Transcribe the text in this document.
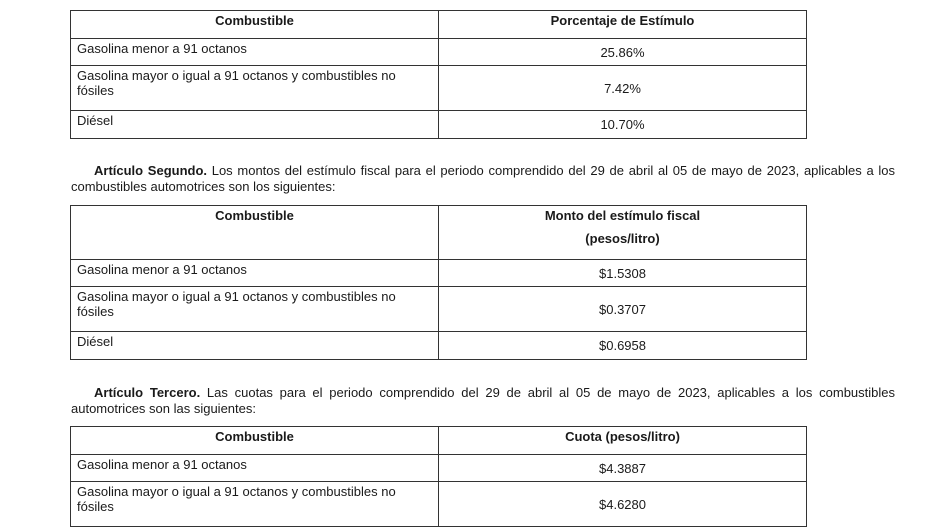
Combustible	Porcentaje de Estímulo
Gasolina menor a 91 octanos	25.86%
Gasolina mayor o igual a 91 octanos y combustibles no fósiles	7.42%
Diésel	10.70%
Artículo Segundo. Los montos del estímulo fiscal para el periodo comprendido del 29 de abril al 05 de mayo de 2023, aplicables a los combustibles automotrices son los siguientes:
Combustible	Monto del estímulo fiscal
(pesos/litro)

Gasolina menor a 91 octanos	$1.5308
Gasolina mayor o igual a 91 octanos y combustibles no fósiles	$0.3707
Diésel	$0.6958
Artículo Tercero. Las cuotas para el periodo comprendido del 29 de abril al 05 de mayo de 2023, aplicables a los combustibles automotrices son las siguientes:
Combustible	Cuota (pesos/litro)
Gasolina menor a 91 octanos	$4.3887
Gasolina mayor o igual a 91 octanos y combustibles no fósiles	$4.6280
